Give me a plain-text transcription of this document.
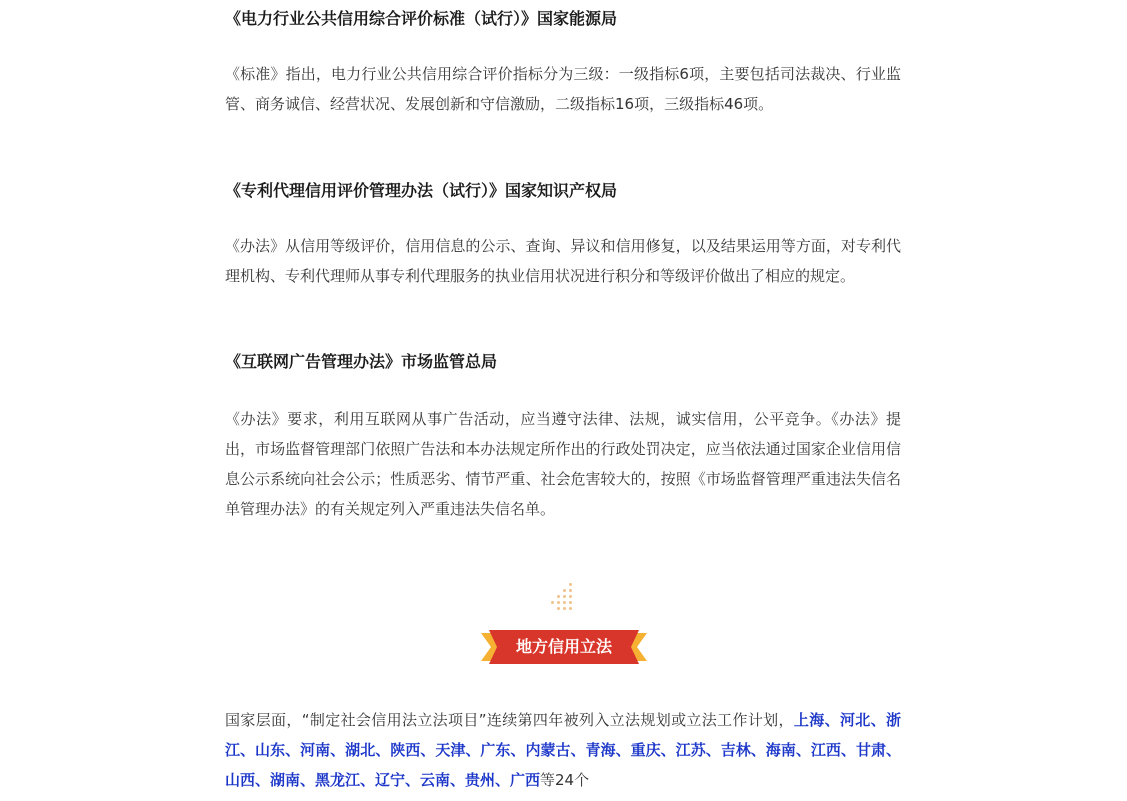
《电力行业公共信用综合评价标准（试行）》国家能源局

《标准》指出，电力行业公共信用综合评价指标分为三级：一级指标6项，主要包括司法裁决、行业监管、商务诚信、经营状况、发展创新和守信激励，二级指标16项，三级指标46项。

《专利代理信用评价管理办法（试行）》国家知识产权局

《办法》从信用等级评价，信用信息的公示、查询、异议和信用修复，以及结果运用等方面，对专利代理机构、专利代理师从事专利代理服务的执业信用状况进行积分和等级评价做出了相应的规定。

《互联网广告管理办法》市场监管总局

《办法》要求，利用互联网从事广告活动，应当遵守法律、法规，诚实信用，公平竞争。《办法》提出，市场监督管理部门依照广告法和本办法规定所作出的行政处罚决定，应当依法通过国家企业信用信息公示系统向社会公示；性质恶劣、情节严重、社会危害较大的，按照《市场监督管理严重违法失信名单管理办法》的有关规定列入严重违法失信名单。

地方信用立法

国家层面，“制定社会信用法立法项目”连续第四年被列入立法规划或立法工作计划，上海、河北、浙江、山东、河南、湖北、陕西、天津、广东、内蒙古、青海、重庆、江苏、吉林、海南、江西、甘肃、山西、湖南、黑龙江、辽宁、云南、贵州、广西等24个
